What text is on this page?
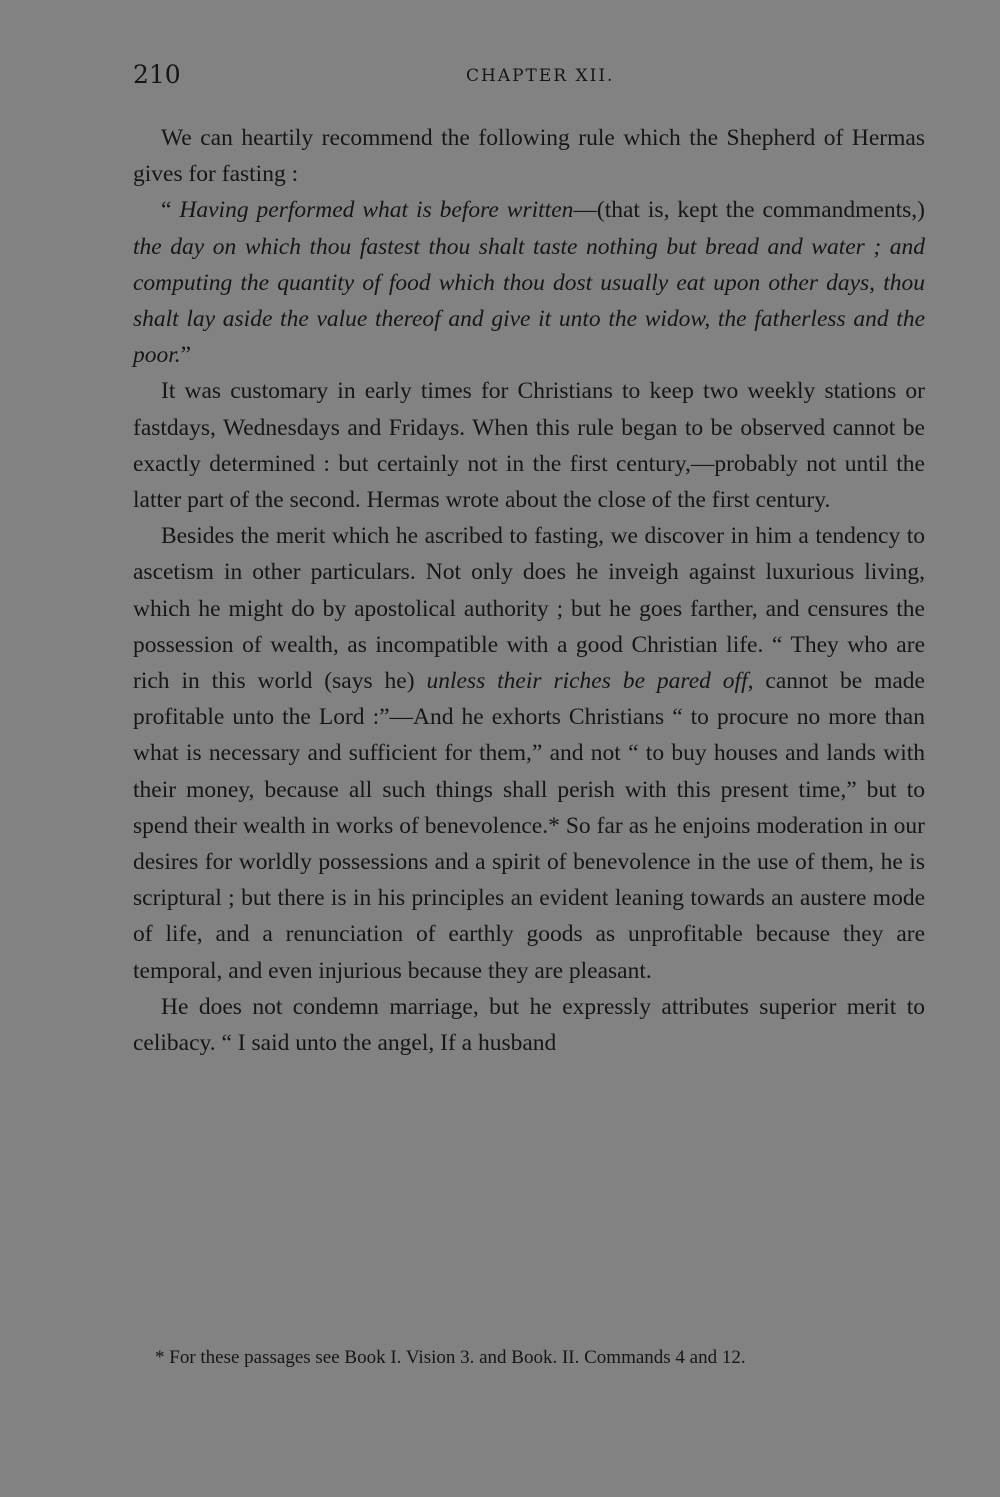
210	CHAPTER XII.

We can heartily recommend the following rule which the Shepherd of Hermas gives for fasting :

“ Having performed what is before written—(that is, kept the commandments,) the day on which thou fastest thou shalt taste nothing but bread and water ; and computing the quantity of food which thou dost usually eat upon other days, thou shalt lay aside the value thereof and give it unto the widow, the fatherless and the poor.”

It was customary in early times for Christians to keep two weekly stations or fastdays, Wednesdays and Fridays. When this rule began to be observed cannot be exactly determined : but certainly not in the first century,—probably not until the latter part of the second. Hermas wrote about the close of the first century.

Besides the merit which he ascribed to fasting, we discover in him a tendency to ascetism in other particulars. Not only does he inveigh against luxurious living, which he might do by apostolical authority ; but he goes farther, and censures the possession of wealth, as incompatible with a good Christian life. “ They who are rich in this world (says he) unless their riches be pared off, cannot be made profitable unto the Lord :”—And he exhorts Christians “ to procure no more than what is necessary and sufficient for them,” and not “ to buy houses and lands with their money, because all such things shall perish with this present time,” but to spend their wealth in works of benevolence.* So far as he enjoins moderation in our desires for worldly possessions and a spirit of benevolence in the use of them, he is scriptural ; but there is in his principles an evident leaning towards an austere mode of life, and a renunciation of earthly goods as unprofitable because they are temporal, and even injurious because they are pleasant.

He does not condemn marriage, but he expressly attributes superior merit to celibacy. “ I said unto the angel, If a husband

* For these passages see Book I. Vision 3. and Book. II. Commands 4 and 12.
